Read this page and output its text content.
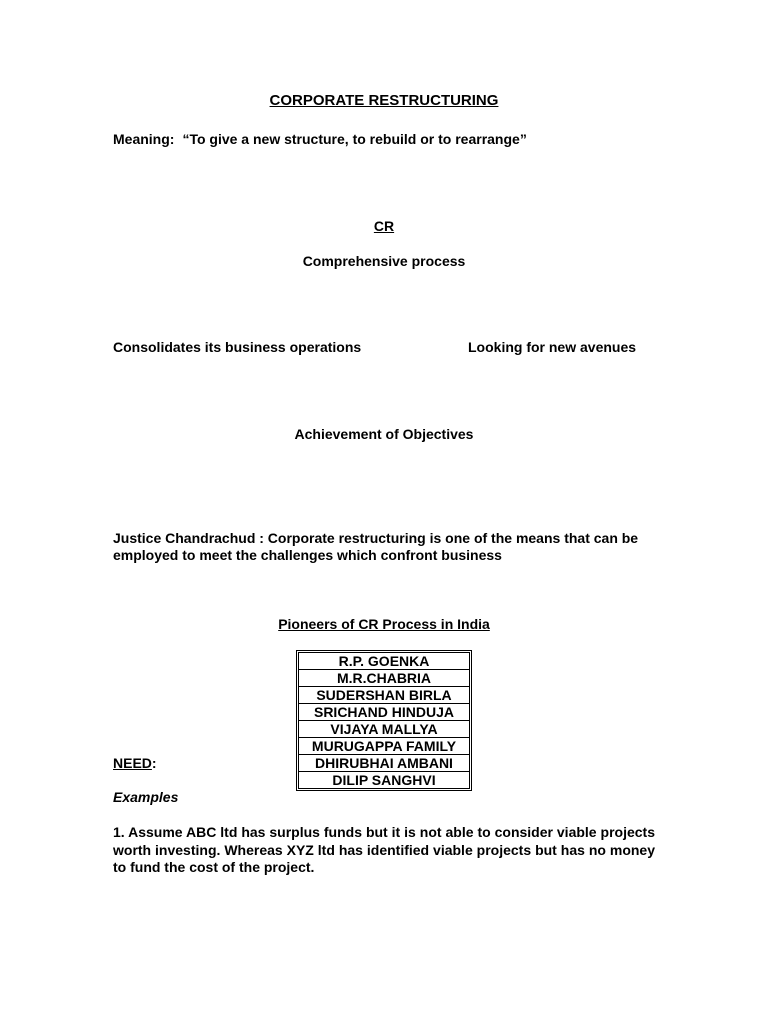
CORPORATE RESTRUCTURING
Meaning: “To give a new structure, to rebuild or to rearrange”
CR
Comprehensive process
Consolidates its business operations	Looking for new avenues
Achievement of Objectives
Justice Chandrachud : Corporate restructuring is one of the means that can be employed to meet the challenges which confront business
Pioneers of CR Process in India
R.P. GOENKA
M.R.CHABRIA
SUDERSHAN BIRLA
SRICHAND HINDUJA
VIJAYA MALLYA
MURUGAPPA FAMILY
DHIRUBHAI AMBANI
DILIP SANGHVI
NEED:
Examples
1. Assume ABC ltd has surplus funds but it is not able to consider viable projects worth investing. Whereas XYZ ltd has identified viable projects but has no money to fund the cost of the project.
